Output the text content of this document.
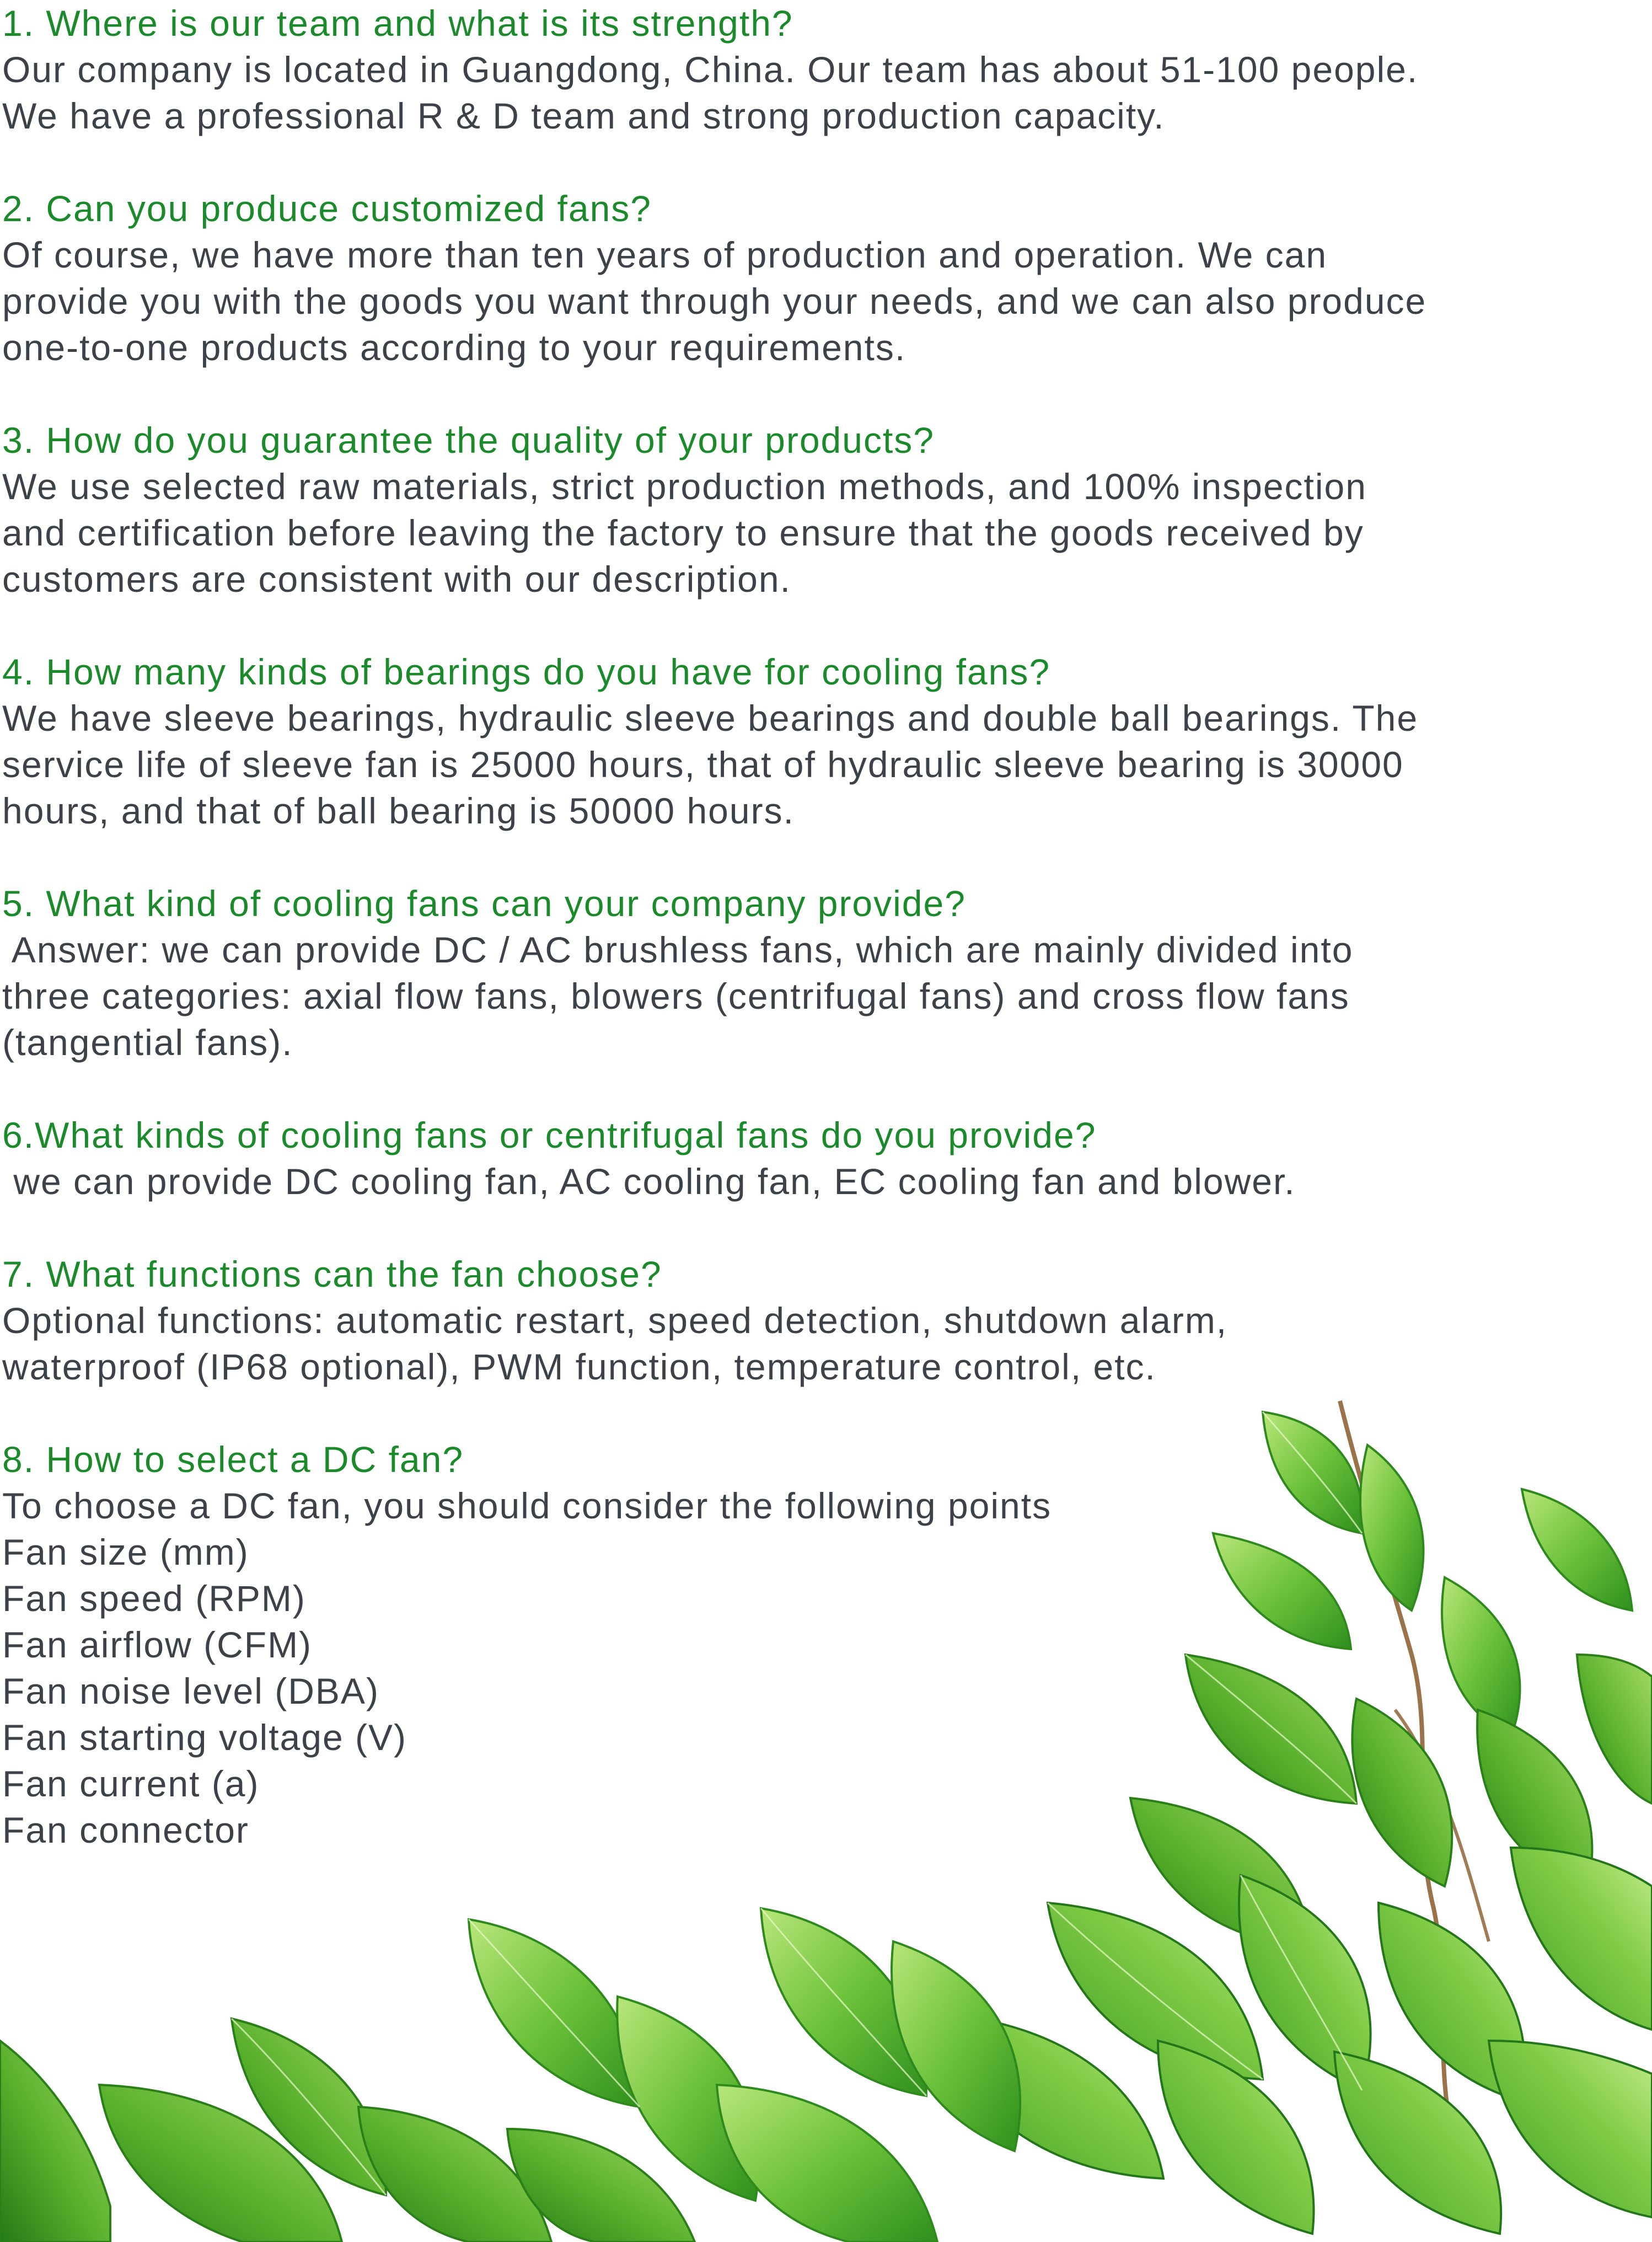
1. Where is our team and what is its strength?
Our company is located in Guangdong, China. Our team has about 51-100 people.
We have a professional R & D team and strong production capacity.
2. Can you produce customized fans?
Of course, we have more than ten years of production and operation. We can
provide you with the goods you want through your needs, and we can also produce
one-to-one products according to your requirements.
3. How do you guarantee the quality of your products?
We use selected raw materials, strict production methods, and 100% inspection
and certification before leaving the factory to ensure that the goods received by
customers are consistent with our description.
4. How many kinds of bearings do you have for cooling fans?
We have sleeve bearings, hydraulic sleeve bearings and double ball bearings. The
service life of sleeve fan is 25000 hours, that of hydraulic sleeve bearing is 30000
hours, and that of ball bearing is 50000 hours.
5. What kind of cooling fans can your company provide?
Answer: we can provide DC / AC brushless fans, which are mainly divided into
three categories: axial flow fans, blowers (centrifugal fans) and cross flow fans
(tangential fans).
6.What kinds of cooling fans or centrifugal fans do you provide?
we can provide DC cooling fan, AC cooling fan, EC cooling fan and blower.
7. What functions can the fan choose?
Optional functions: automatic restart, speed detection, shutdown alarm,
waterproof (IP68 optional), PWM function, temperature control, etc.
8. How to select a DC fan?
To choose a DC fan, you should consider the following points
Fan size (mm)
Fan speed (RPM)
Fan airflow (CFM)
Fan noise level (DBA)
Fan starting voltage (V)
Fan current (a)
Fan connector
